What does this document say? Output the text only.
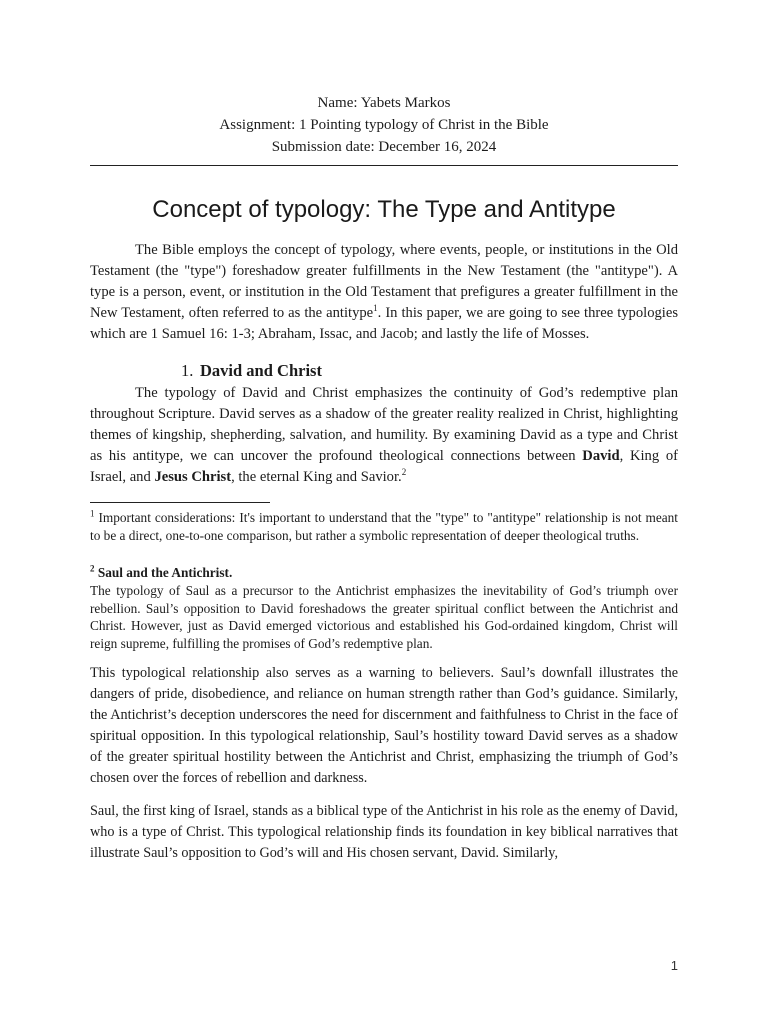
Name: Yabets Markos
Assignment: 1 Pointing typology of Christ in the Bible
Submission date: December 16, 2024
Concept of typology: The Type and Antitype

The Bible employs the concept of typology, where events, people, or institutions in the Old Testament (the "type") foreshadow greater fulfillments in the New Testament (the "antitype"). A type is a person, event, or institution in the Old Testament that prefigures a greater fulfillment in the New Testament, often referred to as the antitype$^1$. In this paper, we are going to see three typologies which are 1 Samuel 16: 1-3; Abraham, Issac, and Jacob; and lastly the life of Mosses.

1. David and Christ

The typology of David and Christ emphasizes the continuity of God’s redemptive plan throughout Scripture. David serves as a shadow of the greater reality realized in Christ, highlighting themes of kingship, shepherding, salvation, and humility. By examining David as a type and Christ as his antitype, we can uncover the profound theological connections between David, King of Israel, and Jesus Christ, the eternal King and Savior.$^2$

$^1$ Important considerations: It's important to understand that the "type" to "antitype" relationship is not meant to be a direct, one-to-one comparison, but rather a symbolic representation of deeper theological truths.

$^2$ Saul and the Antichrist.

The typology of Saul as a precursor to the Antichrist emphasizes the inevitability of God’s triumph over rebellion. Saul’s opposition to David foreshadows the greater spiritual conflict between the Antichrist and Christ. However, just as David emerged victorious and established his God-ordained kingdom, Christ will reign supreme, fulfilling the promises of God’s redemptive plan.

This typological relationship also serves as a warning to believers. Saul’s downfall illustrates the dangers of pride, disobedience, and reliance on human strength rather than God’s guidance. Similarly, the Antichrist’s deception underscores the need for discernment and faithfulness to Christ in the face of spiritual opposition. In this typological relationship, Saul’s hostility toward David serves as a shadow of the greater spiritual hostility between the Antichrist and Christ, emphasizing the triumph of God’s chosen over the forces of rebellion and darkness.

Saul, the first king of Israel, stands as a biblical type of the Antichrist in his role as the enemy of David, who is a type of Christ. This typological relationship finds its foundation in key biblical narratives that illustrate Saul’s opposition to God’s will and His chosen servant, David. Similarly,

1
